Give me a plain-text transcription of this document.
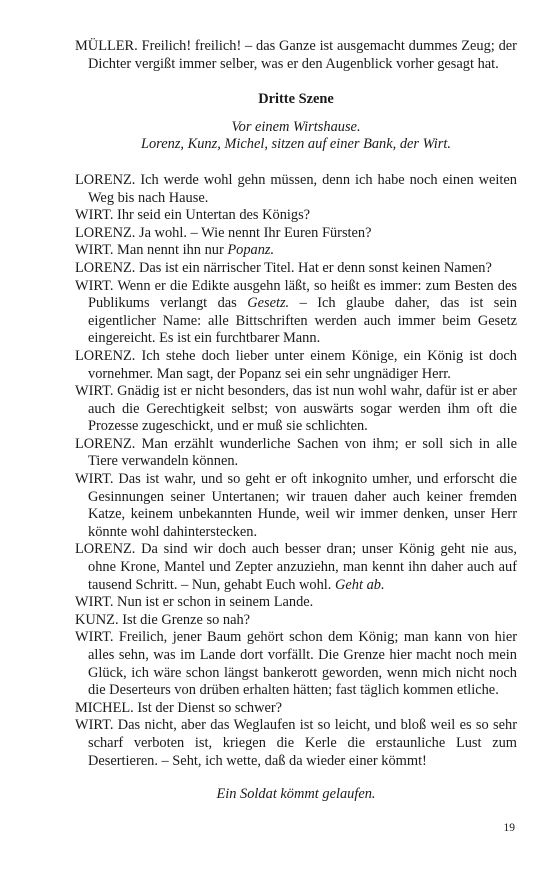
MÜLLER. Freilich! freilich! – das Ganze ist ausgemacht dummes Zeug; der Dichter vergißt immer selber, was er den Augenblick vorher gesagt hat.

Dritte Szene

Vor einem Wirtshause.

Lorenz, Kunz, Michel, sitzen auf einer Bank, der Wirt.

LORENZ. Ich werde wohl gehn müssen, denn ich habe noch einen weiten Weg bis nach Hause.

WIRT. Ihr seid ein Untertan des Königs?

LORENZ. Ja wohl. – Wie nennt Ihr Euren Fürsten?

WIRT. Man nennt ihn nur Popanz.

LORENZ. Das ist ein närrischer Titel. Hat er denn sonst keinen Namen?

WIRT. Wenn er die Edikte ausgehn läßt, so heißt es immer: zum Besten des Publikums verlangt das Gesetz. – Ich glaube daher, das ist sein eigentlicher Name: alle Bittschriften werden auch immer beim Gesetz eingereicht. Es ist ein furchtbarer Mann.

LORENZ. Ich stehe doch lieber unter einem Könige, ein König ist doch vornehmer. Man sagt, der Popanz sei ein sehr ungnädiger Herr.

WIRT. Gnädig ist er nicht besonders, das ist nun wohl wahr, dafür ist er aber auch die Gerechtigkeit selbst; von auswärts sogar werden ihm oft die Prozesse zugeschickt, und er muß sie schlichten.

LORENZ. Man erzählt wunderliche Sachen von ihm; er soll sich in alle Tiere verwandeln können.

WIRT. Das ist wahr, und so geht er oft inkognito umher, und erforscht die Gesinnungen seiner Untertanen; wir trauen daher auch keiner fremden Katze, keinem unbekannten Hunde, weil wir immer denken, unser Herr könnte wohl dahinterstecken.

LORENZ. Da sind wir doch auch besser dran; unser König geht nie aus, ohne Krone, Mantel und Zepter anzuziehn, man kennt ihn daher auch auf tausend Schritt. – Nun, gehabt Euch wohl. Geht ab.

WIRT. Nun ist er schon in seinem Lande.

KUNZ. Ist die Grenze so nah?

WIRT. Freilich, jener Baum gehört schon dem König; man kann von hier alles sehn, was im Lande dort vorfällt. Die Grenze hier macht noch mein Glück, ich wäre schon längst bankerott geworden, wenn mich nicht noch die Deserteurs von drüben erhalten hätten; fast täglich kommen etliche.

MICHEL. Ist der Dienst so schwer?

WIRT. Das nicht, aber das Weglaufen ist so leicht, und bloß weil es so sehr scharf verboten ist, kriegen die Kerle die erstaunliche Lust zum Desertieren. – Seht, ich wette, daß da wieder einer kömmt!

Ein Soldat kömmt gelaufen.
19
